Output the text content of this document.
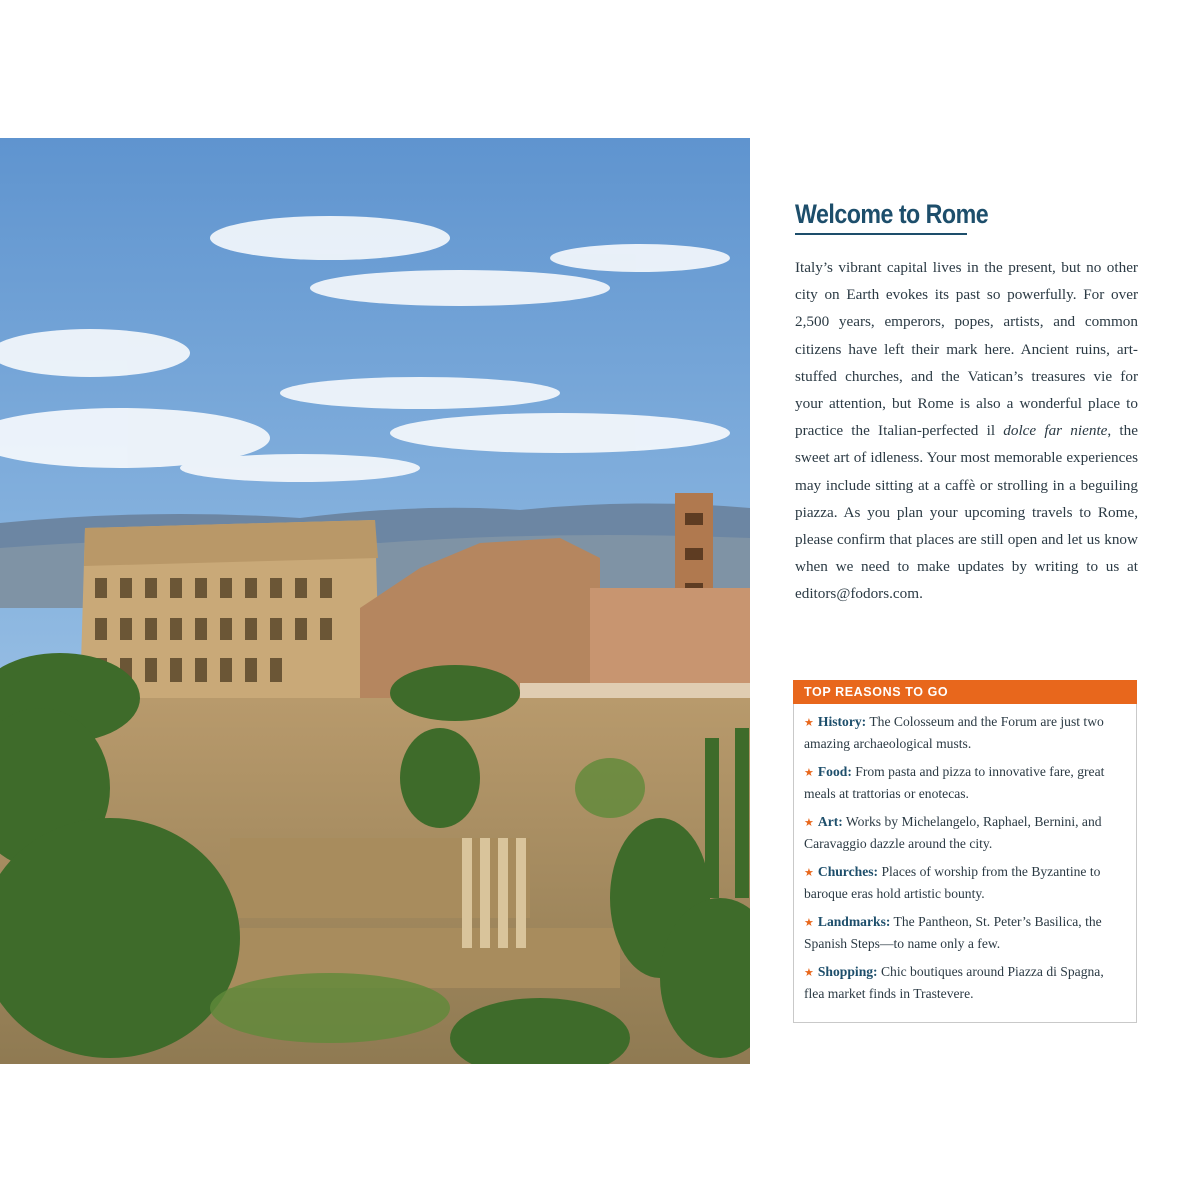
Welcome to Rome

Italy’s vibrant capital lives in the present, but no other city on Earth evokes its past so powerfully. For over 2,500 years, emperors, popes, artists, and common citizens have left their mark here. Ancient ruins, art-stuffed churches, and the Vatican’s treasures vie for your attention, but Rome is also a wonderful place to practice the Italian-perfected il dolce far niente, the sweet art of idleness. Your most memorable experiences may include sitting at a caffè or strolling in a beguiling piazza. As you plan your upcoming travels to Rome, please confirm that places are still open and let us know when we need to make updates by writing to us at editors@fodors.com.

TOP REASONS TO GO
★ History: The Colosseum and the Forum are just two amazing archaeological musts.
★ Food: From pasta and pizza to innovative fare, great meals at trattorias or enotecas.
★ Art: Works by Michelangelo, Raphael, Bernini, and Caravaggio dazzle around the city.
★ Churches: Places of worship from the Byzantine to baroque eras hold artistic bounty.
★ Landmarks: The Pantheon, St. Peter’s Basilica, the Spanish Steps—to name only a few.
★ Shopping: Chic boutiques around Piazza di Spagna, flea market finds in Trastevere.
